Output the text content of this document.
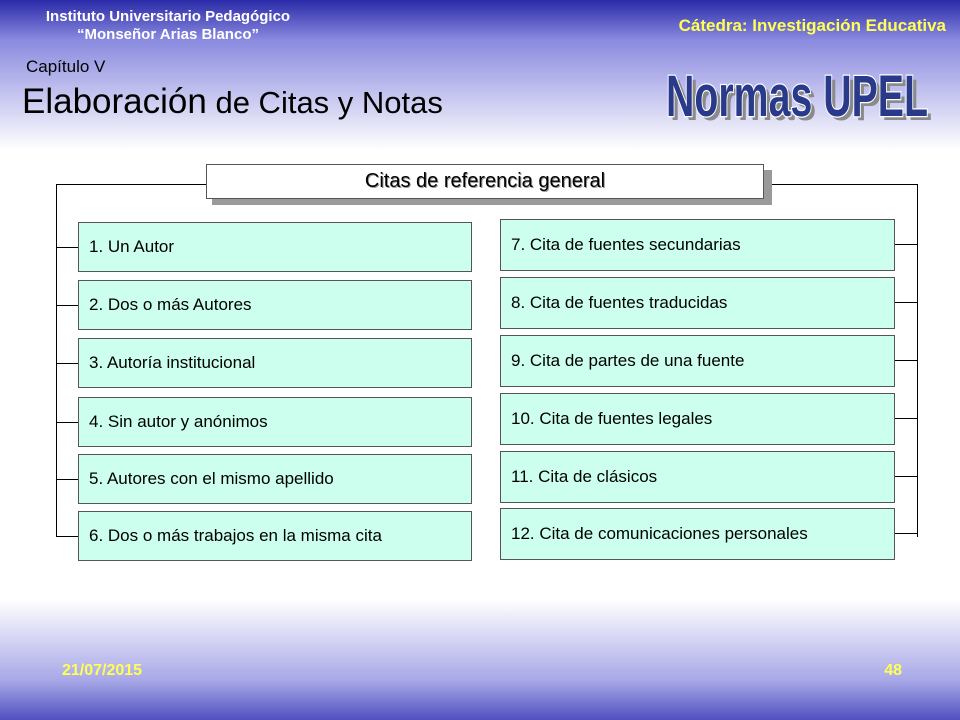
Instituto Universitario Pedagógico
“Monseñor Arias Blanco”	Cátedra: Investigación Educativa
Capítulo V
Elaboración de Citas y Notas	Normas UPEL
Normas UPEL
Citas de referencia general
1. Un Autor
2. Dos o más Autores
3. Autoría institucional
4. Sin autor y anónimos
5. Autores con el mismo apellido
6. Dos o más trabajos en la misma cita
7. Cita de fuentes secundarias
8. Cita de fuentes traducidas
9. Cita de partes de una fuente
10. Cita de fuentes legales
11. Cita de clásicos
12. Cita de comunicaciones personales
21/07/2015	48
